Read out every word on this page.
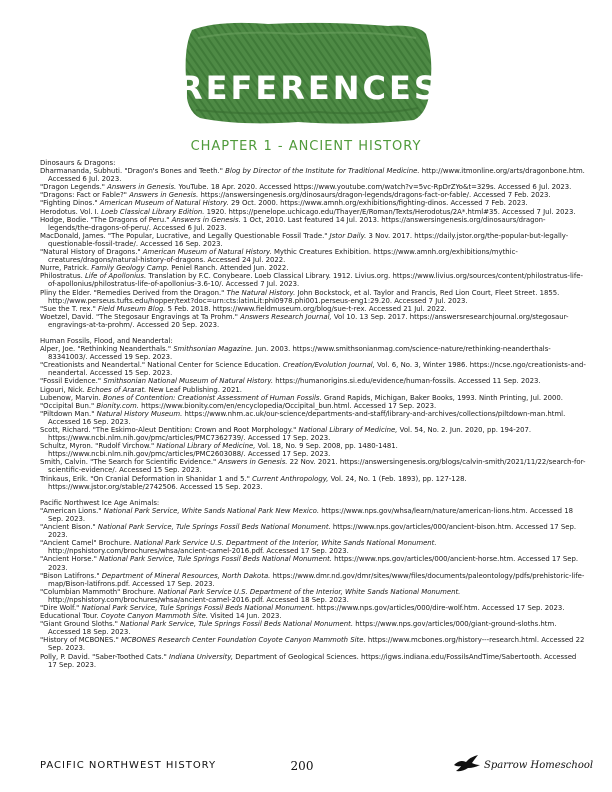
REFERENCES
CHAPTER 1 - ANCIENT HISTORY
Dinosaurs & Dragons:
Dharmananda, Subhuti. "Dragon's Bones and Teeth." Blog by Director of the Institute for Traditional Medicine. http://www.itmonline.org/arts/dragonbone.htm. Accessed 6 Jul. 2023.
"Dragon Legends." Answers in Genesis. YouTube. 18 Apr. 2020. Accessed https://www.youtube.com/watch?v=5vc-RpDrZYo&t=329s. Accessed 6 Jul. 2023.
"Dragons: Fact or Fable?" Answers in Genesis. https://answersingenesis.org/dinosaurs/dragon-legends/dragons-fact-or-fable/. Accessed 7 Feb. 2023.
"Fighting Dinos." American Museum of Natural History. 29 Oct. 2000. https://www.amnh.org/exhibitions/fighting-dinos. Accessed 7 Feb. 2023.
Herodotus. Vol. I. Loeb Classical Library Edition. 1920. https://penelope.uchicago.edu/Thayer/E/Roman/Texts/Herodotus/2A*.html#35. Accessed 7 Jul. 2023.
Hodge, Bodie. "The Dragons of Peru." Answers in Genesis. 1 Oct, 2010. Last featured 14 Jul. 2013. https://answersingenesis.org/dinosaurs/dragon-legends/the-dragons-of-peru/. Accessed 6 Jul. 2023.
MacDonald, James. "The Popular, Lucrative, and Legally Questionable Fossil Trade." Jstor Daily. 3 Nov. 2017. https://daily.jstor.org/the-popular-but-legally-questionable-fossil-trade/. Accessed 16 Sep. 2023.
"Natural History of Dragons." American Museum of Natural History. Mythic Creatures Exhibition. https://www.amnh.org/exhibitions/mythic-creatures/dragons/natural-history-of-dragons. Accessed 24 Jul. 2022.
Nurre, Patrick. Family Geology Camp. Peniel Ranch. Attended Jun. 2022.
Philostratus. Life of Apollonius. Translation by F.C. Conybeare. Loeb Classical Library. 1912. Livius.org. https://www.livius.org/sources/content/philostratus-life-of-apollonius/philostratus-life-of-apollonius-3.6-10/. Accessed 7 Jul. 2023.
Pliny the Elder. "Remedies Derived from the Dragon." The Natural History. John Bockstock, et al. Taylor and Francis, Red Lion Court, Fleet Street. 1855. http://www.perseus.tufts.edu/hopper/text?doc=urn:cts:latinLit:phi0978.phi001.perseus-eng1:29.20. Accessed 7 Jul. 2023.
"Sue the T. rex." Field Museum Blog. 5 Feb. 2018. https://www.fieldmuseum.org/blog/sue-t-rex. Accessed 21 Jul. 2022.
Woetzel, David. "The Stegosaur Engravings at Ta Prohm." Answers Research Journal, Vol 10. 13 Sep. 2017. https://answersresearchjournal.org/stegosaur-engravings-at-ta-prohm/. Accessed 20 Sep. 2023.
Human Fossils, Flood, and Neandertal:
Alper, Joe. "Rethinking Neanderthals." Smithsonian Magazine. Jun. 2003. https://www.smithsonianmag.com/science-nature/rethinking-neanderthals-83341003/. Accessed 19 Sep. 2023.
"Creationists and Neandertal." National Center for Science Education. Creation/Evolution Journal, Vol. 6, No. 3, Winter 1986. https://ncse.ngo/creationists-and-neandertal. Accessed 15 Sep. 2023.
"Fossil Evidence." Smithsonian National Museum of Natural History. https://humanorigins.si.edu/evidence/human-fossils. Accessed 11 Sep. 2023.
Ligouri, Nick. Echoes of Ararat. New Leaf Publishing. 2021.
Lubenow, Marvin. Bones of Contention: Creationist Assessment of Human Fossils. Grand Rapids, Michigan, Baker Books, 1993. Ninth Printing, Jul. 2000.
"Occipital Bun." Bionity.com. https://www.bionity.com/en/encyclopedia/Occipital_bun.html. Accessed 17 Sep. 2023.
"Piltdown Man." Natural History Museum. https://www.nhm.ac.uk/our-science/departments-and-staff/library-and-archives/collections/piltdown-man.html. Accessed 16 Sep. 2023.
Scott, Richard. "The Eskimo-Aleut Dentition: Crown and Root Morphology." National Library of Medicine, Vol. 54, No. 2. Jun. 2020, pp. 194-207. https://www.ncbi.nlm.nih.gov/pmc/articles/PMC7362739/. Accessed 17 Sep. 2023.
Schultz, Myron. "Rudolf Virchow." National Library of Medicine, Vol. 18, No. 9 Sep. 2008, pp. 1480-1481. https://www.ncbi.nlm.nih.gov/pmc/articles/PMC2603088/. Accessed 17 Sep. 2023.
Smith, Calvin. "The Search for Scientific Evidence." Answers in Genesis. 22 Nov. 2021. https://answersingenesis.org/blogs/calvin-smith/2021/11/22/search-for-scientific-evidence/. Accessed 15 Sep. 2023.
Trinkaus, Erik. "On Cranial Deformation in Shanidar 1 and 5." Current Anthropology, Vol. 24, No. 1 (Feb. 1893), pp. 127-128. https://www.jstor.org/stable/2742506. Accessed 15 Sep. 2023.
Pacific Northwest Ice Age Animals:
"American Lions." National Park Service, White Sands National Park New Mexico. https://www.nps.gov/whsa/learn/nature/american-lions.htm. Accessed 18 Sep. 2023.
"Ancient Bison." National Park Service, Tule Springs Fossil Beds National Monument. https://www.nps.gov/articles/000/ancient-bison.htm. Accessed 17 Sep. 2023.
"Ancient Camel" Brochure. National Park Service U.S. Department of the Interior, White Sands National Monument. http://npshistory.com/brochures/whsa/ancient-camel-2016.pdf. Accessed 17 Sep. 2023.
"Ancient Horse." National Park Service, Tule Springs Fossil Beds National Monument. https://www.nps.gov/articles/000/ancient-horse.htm. Accessed 17 Sep. 2023.
"Bison Latifrons." Department of Mineral Resources, North Dakota. https://www.dmr.nd.gov/dmr/sites/www/files/documents/paleontology/pdfs/prehistoric-life-map/Bison-latifrons.pdf. Accessed 17 Sep. 2023.
"Columbian Mammoth" Brochure. National Park Service U.S. Department of the Interior, White Sands National Monument. http://npshistory.com/brochures/whsa/ancient-camel-2016.pdf. Accessed 18 Sep. 2023.
"Dire Wolf." National Park Service, Tule Springs Fossil Beds National Monument. https://www.nps.gov/articles/000/dire-wolf.htm. Accessed 17 Sep. 2023.
Educational Tour. Coyote Canyon Mammoth Site. Visited 14 Jun. 2023.
"Giant Ground Sloths." National Park Service, Tule Springs Fossil Beds National Monument. https://www.nps.gov/articles/000/giant-ground-sloths.htm. Accessed 18 Sep. 2023.
"History of MCBONES." MCBONES Research Center Foundation Coyote Canyon Mammoth Site. https://www.mcbones.org/history---research.html. Accessed 22 Sep. 2023.
Polly, P. David. "Saber-Toothed Cats." Indiana University, Department of Geological Sciences. https://igws.indiana.edu/FossilsAndTime/Sabertooth. Accessed 17 Sep. 2023.
PACIFIC NORTHWEST HISTORY	200	Sparrow Homeschool
